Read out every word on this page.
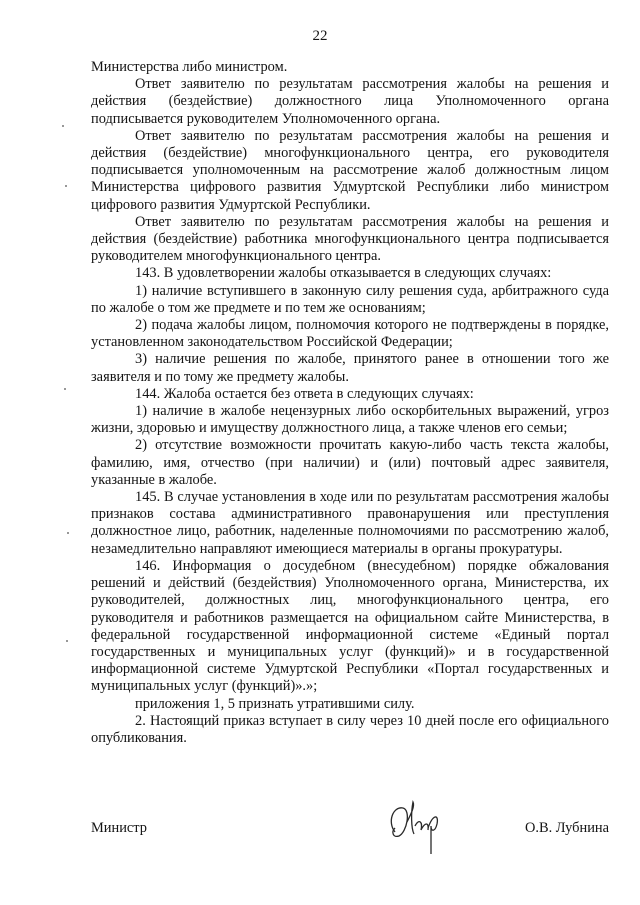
22

Министерства либо министром.

Ответ заявителю по результатам рассмотрения жалобы на решения и действия (бездействие) должностного лица Уполномоченного органа подписывается руководителем Уполномоченного органа.

Ответ заявителю по результатам рассмотрения жалобы на решения и действия (бездействие) многофункционального центра, его руководителя подписывается уполномоченным на рассмотрение жалоб должностным лицом Министерства цифрового развития Удмуртской Республики либо министром цифрового развития Удмуртской Республики.

Ответ заявителю по результатам рассмотрения жалобы на решения и действия (бездействие) работника многофункционального центра подписывается руководителем многофункционального центра.

143. В удовлетворении жалобы отказывается в следующих случаях:

1) наличие вступившего в законную силу решения суда, арбитражного суда по жалобе о том же предмете и по тем же основаниям;

2) подача жалобы лицом, полномочия которого не подтверждены в порядке, установленном законодательством Российской Федерации;

3) наличие решения по жалобе, принятого ранее в отношении того же заявителя и по тому же предмету жалобы.

144. Жалоба остается без ответа в следующих случаях:

1) наличие в жалобе нецензурных либо оскорбительных выражений, угроз жизни, здоровью и имуществу должностного лица, а также членов его семьи;

2) отсутствие возможности прочитать какую-либо часть текста жалобы, фамилию, имя, отчество (при наличии) и (или) почтовый адрес заявителя, указанные в жалобе.

145. В случае установления в ходе или по результатам рассмотрения жалобы признаков состава административного правонарушения или преступления должностное лицо, работник, наделенные полномочиями по рассмотрению жалоб, незамедлительно направляют имеющиеся материалы в органы прокуратуры.

146. Информация о досудебном (внесудебном) порядке обжалования решений и действий (бездействия) Уполномоченного органа, Министерства, их руководителей, должностных лиц, многофункционального центра, его руководителя и работников размещается на официальном сайте Министерства, в федеральной государственной информационной системе «Единый портал государственных и муниципальных услуг (функций)» и в государственной информационной системе Удмуртской Республики «Портал государственных и муниципальных услуг (функций)».»;

приложения 1, 5 признать утратившими силу.

2. Настоящий приказ вступает в силу через 10 дней после его официального опубликования.

Министр	О.В. Лубнина
